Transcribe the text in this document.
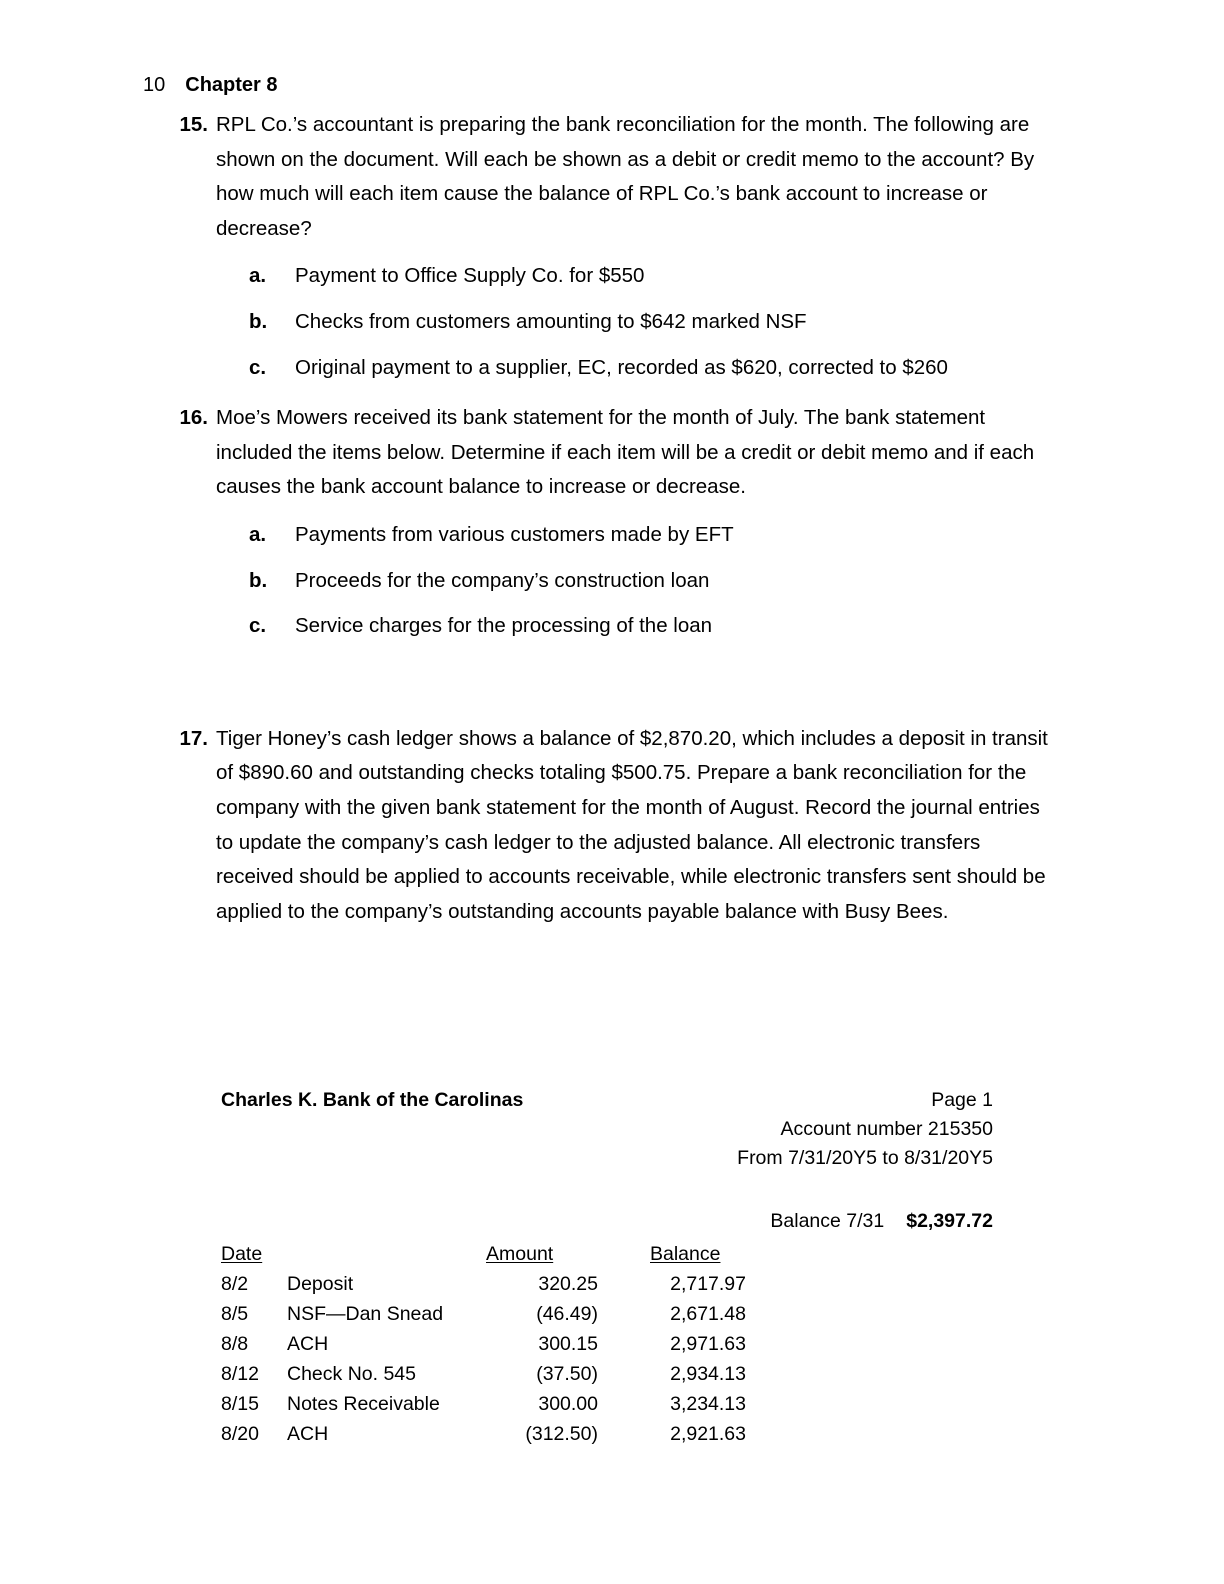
10 Chapter 8
15. RPL Co.’s accountant is preparing the bank reconciliation for the month. The following are shown on the document. Will each be shown as a debit or credit memo to the account? By how much will each item cause the balance of RPL Co.’s bank account to increase or decrease?
a. Payment to Office Supply Co. for $550
b. Checks from customers amounting to $642 marked NSF
c. Original payment to a supplier, EC, recorded as $620, corrected to $260
16. Moe’s Mowers received its bank statement for the month of July. The bank statement included the items below. Determine if each item will be a credit or debit memo and if each causes the bank account balance to increase or decrease.
a. Payments from various customers made by EFT
b. Proceeds for the company’s construction loan
c. Service charges for the processing of the loan
17. Tiger Honey’s cash ledger shows a balance of $2,870.20, which includes a deposit in transit of $890.60 and outstanding checks totaling $500.75. Prepare a bank reconciliation for the company with the given bank statement for the month of August. Record the journal entries to update the company’s cash ledger to the adjusted balance. All electronic transfers received should be applied to accounts receivable, while electronic transfers sent should be applied to the company’s outstanding accounts payable balance with Busy Bees.
Charles K. Bank of the Carolinas	Page 1
Account number 215350
From 7/31/20Y5 to 8/31/20Y5
Balance 7/31 $2,397.72
Date		Amount	Balance
8/2	Deposit	320.25	2,717.97
8/5	NSF—Dan Snead	(46.49)	2,671.48
8/8	ACH	300.15	2,971.63
8/12	Check No. 545	(37.50)	2,934.13
8/15	Notes Receivable	300.00	3,234.13
8/20	ACH	(312.50)	2,921.63
